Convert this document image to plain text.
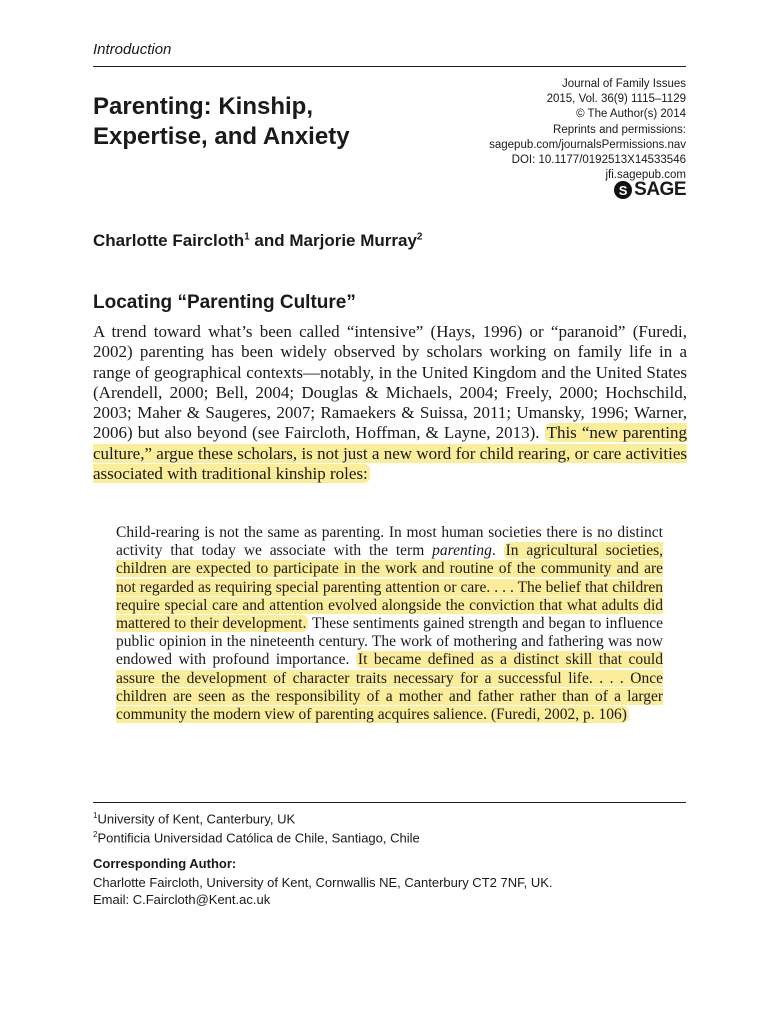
Introduction
Journal of Family Issues
2015, Vol. 36(9) 1115–1129
© The Author(s) 2014
Reprints and permissions:
sagepub.com/journalsPermissions.nav
DOI: 10.1177/0192513X14533546
jfi.sagepub.com
S SAGE
Parenting: Kinship,
Expertise, and Anxiety

Charlotte Faircloth$^1$ and Marjorie Murray$^2$

Locating “Parenting Culture”

A trend toward what’s been called “intensive” (Hays, 1996) or “paranoid” (Furedi, 2002) parenting has been widely observed by scholars working on family life in a range of geographical contexts—notably, in the United Kingdom and the United States (Arendell, 2000; Bell, 2004; Douglas & Michaels, 2004; Freely, 2000; Hochschild, 2003; Maher & Saugeres, 2007; Ramaekers & Suissa, 2011; Umansky, 1996; Warner, 2006) but also beyond (see Faircloth, Hoffman, & Layne, 2013). This “new parenting culture,” argue these scholars, is not just a new word for child rearing, or care activities associated with traditional kinship roles:

Child-rearing is not the same as parenting. In most human societies there is no distinct activity that today we associate with the term parenting. In agricultural societies, children are expected to participate in the work and routine of the community and are not regarded as requiring special parenting attention or care. . . . The belief that children require special care and attention evolved alongside the conviction that what adults did mattered to their development. These sentiments gained strength and began to influence public opinion in the nineteenth century. The work of mothering and fathering was now endowed with profound importance. It became defined as a distinct skill that could assure the development of character traits necessary for a successful life. . . . Once children are seen as the responsibility of a mother and father rather than of a larger community the modern view of parenting acquires salience. (Furedi, 2002, p. 106)

$^1$University of Kent, Canterbury, UK
$^2$Pontificia Universidad Católica de Chile, Santiago, Chile
Corresponding Author:
Charlotte Faircloth, University of Kent, Cornwallis NE, Canterbury CT2 7NF, UK.
Email: C.Faircloth@Kent.ac.uk
